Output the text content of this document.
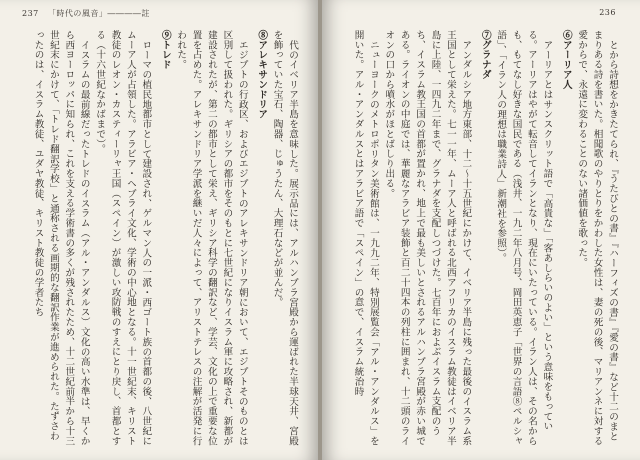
237 「時代の風音」――――註

代のイベリア半島を意味した。展示品には、アルハンブラ宮殿から運ばれた半球天井、宮殿を飾っていた宝石、陶器、じゅうたん、大理石などが並んだ。

⑧アレキサンドリア

エジプトの行政区、およびエジプトのアレキサンドリア朝において、エジプトそのものとは区別して扱われた。ギリシアの都市をそのもとに七世紀になりイスラム軍に攻略され、新都が建設されたが、第二の都市として栄え、ギリシア科学の翻訳など、学芸、文化の上で重要な位置を占めた。アレキサンドリア学派を継いだ人々によって、アリストテレスの注解が活発に行われた。

⑨トレド

ローマの植民地都市として建設され、ゲルマン人の一派・西ゴート族の首都の後、八世紀にムーア人が占領した。アラビア・ヘブライ文化、学術の中心地となる。十一世紀末、キリスト教徒のレオン・カスティーリャ王国（スペイン）が激しい攻防戦のすえにとり戻し、首都とする（十六世紀なかばまで）。

イスラムの最前線だったトレドのイスラム（アル・アンダルス）文化の高い水準は、早くから西ヨーロッパに知られ、これを支える学術書の多くが残されたため、十二世紀前半から十三世紀末にかけて、「トレド翻訳学校」と通称される画期的な翻訳作業が進められた。たずさわったのは、イスラム教徒、ユダヤ教徒、キリスト教徒の学者たち

236

とから詩想をかきたてられ、『うたびとの書』『ハーフィズの書』『愛の書』など十二のまとまりある詩を書いた。相聞歌のやりとりをかわした女性は、妻の死の後、マリアンネに対する愛からで、永遠に変わることのない諸価値を歌った。

⑥アーリア人

アーリアとはサンスクリット語で「高貴な」「客あしらいのよい」という意味をもっている。アーリアはやがて転音してイランとなり、現在にいたっている。イラン人は、その名からも、もてなし好きな国民である（浅井、一九二年八月号、岡田英恵子「世界の言語⑧ペルシャ語」、「イラン人の理想は職業詩人」新潮社を参照）。

⑦グラナダ

アンダルシア地方東部、十二～十五世紀にかけて、イベリア半島に残った最後のイスラム系王国として栄えた。七一一年、ムーア人と呼ばれる北西アフリカのイスラム教徒はイベリア半島に上陸、一四九二年まで、グラナダを支配しつづけた。七百年におよぶイスラム支配のうち、イスラム教王国の首都が置かれ、地上で最も美しいとされるアルハンブラ宮殿が赤い城である。ライオンの中庭では、華麗なアラビア装飾と百二十四本の列柱に囲まれ、十二頭のライオンの口から噴水がほとばしり出る。

ニューヨークのメトロポリタン美術館は、一九九二年、特別展覧会「アル・アンダルス」を開いた。アル・アンダルスとはアラビア語で「スペイン」の意で、イスラム統治時
